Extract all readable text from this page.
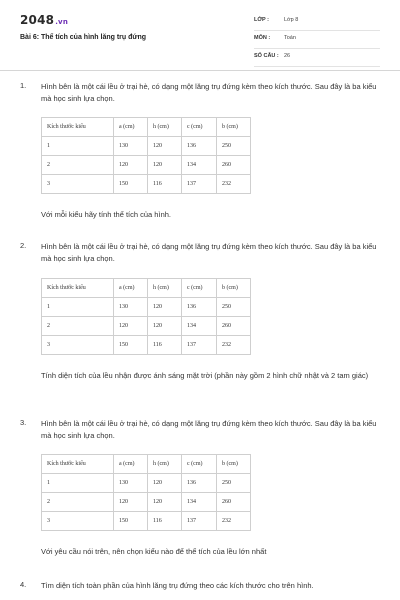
2048.vn
Bài 6: Thể tích của hình lăng trụ đứng
LỚP :	Lớp 8
MÔN :	Toán
SỐ CÂU : 26
1. Hình bên là một cái lều ở trại hè, có dạng một lăng trụ đứng kèm theo kích thước. Sau đây là ba kiểu mà học sinh lựa chọn.
Kích thước kiểu	a (cm)	h (cm)	c (cm)	b (cm)
1	130	120	136	250
2	120	120	134	260
3	150	116	137	232
Với mỗi kiểu hãy tính thể tích của hình.
2. Hình bên là một cái lều ở trại hè, có dạng một lăng trụ đứng kèm theo kích thước. Sau đây là ba kiểu mà học sinh lựa chọn.
Kích thước kiểu	a (cm)	h (cm)	c (cm)	b (cm)
1	130	120	136	250
2	120	120	134	260
3	150	116	137	232
Tính diện tích của lều nhận được ánh sáng mặt trời (phần này gồm 2 hình chữ nhật và 2 tam giác)
3. Hình bên là một cái lều ở trại hè, có dạng một lăng trụ đứng kèm theo kích thước. Sau đây là ba kiểu mà học sinh lựa chọn.
Kích thước kiểu	a (cm)	h (cm)	c (cm)	b (cm)
1	130	120	136	250
2	120	120	134	260
3	150	116	137	232
Với yêu cầu nói trên, nên chọn kiểu nào để thể tích của lều lớn nhất
4. Tìm diện tích toàn phần của hình lăng trụ đứng theo các kích thước cho trên hình.
